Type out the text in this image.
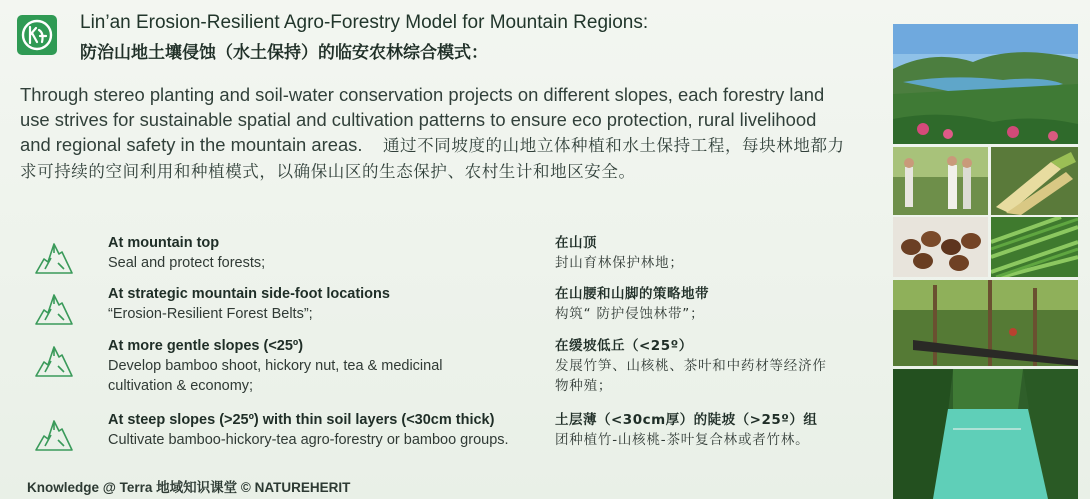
Lin’an Erosion-Resilient Agro-Forestry Model for Mountain Regions:
防治山地土壤侵蚀（水土保持）的临安农林综合模式：
Through stereo planting and soil-water conservation projects on different slopes, each forestry land use strives for sustainable spatial and cultivation patterns to ensure eco protection, rural livelihood and regional safety in the mountain areas. 通过不同坡度的山地立体种植和水土保持工程，每块林地都力求可持续的空间利用和种植模式，以确保山区的生态保护、农村生计和地区安全。
At mountain top
Seal and protect forests;
在山顶
封山育林保护林地；
At strategic mountain side-foot locations
“Erosion-Resilient Forest Belts”;
在山腰和山脚的策略地带
构筑“ 防护侵蚀林带”；
At more gentle slopes (<25º)
Develop bamboo shoot, hickory nut, tea & medicinal cultivation & economy;
在缓坡低丘（<25º）
发展竹笋、山核桃、茶叶和中药材等经济作物种殖；
At steep slopes (>25º) with thin soil layers (<30cm thick)
Cultivate bamboo-hickory-tea agro-forestry or bamboo groups.
土层薄（<30cm厚）的陡坡（>25º）组
团种植竹-山核桃-茶叶复合林或者竹林。
Knowledge @ Terra 地域知识课堂 © NATUREHERIT
